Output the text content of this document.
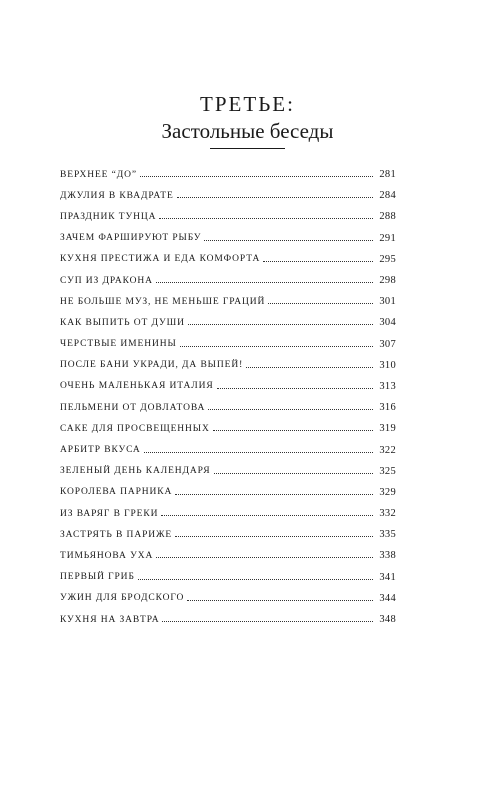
ТРЕТЬЕ:
Застольные беседы
ВЕРХНЕЕ “ДО”	281
ДЖУЛИЯ В КВАДРАТЕ	284
ПРАЗДНИК ТУНЦА	288
ЗАЧЕМ ФАРШИРУЮТ РЫБУ	291
КУХНЯ ПРЕСТИЖА И ЕДА КОМФОРТА	295
СУП ИЗ ДРАКОНА	298
НЕ БОЛЬШЕ МУЗ, НЕ МЕНЬШЕ ГРАЦИЙ	301
КАК ВЫПИТЬ ОТ ДУШИ	304
ЧЕРСТВЫЕ ИМЕНИНЫ	307
ПОСЛЕ БАНИ УКРАДИ, ДА ВЫПЕЙ!	310
ОЧЕНЬ МАЛЕНЬКАЯ ИТАЛИЯ	313
ПЕЛЬМЕНИ ОТ ДОВЛАТОВА	316
САКЕ ДЛЯ ПРОСВЕЩЕННЫХ	319
АРБИТР ВКУСА	322
ЗЕЛЕНЫЙ ДЕНЬ КАЛЕНДАРЯ	325
КОРОЛЕВА ПАРНИКА	329
ИЗ ВАРЯГ В ГРЕКИ	332
ЗАСТРЯТЬ В ПАРИЖЕ	335
ТИМЬЯНОВА УХА	338
ПЕРВЫЙ ГРИБ	341
УЖИН ДЛЯ БРОДСКОГО	344
КУХНЯ НА ЗАВТРА	348
